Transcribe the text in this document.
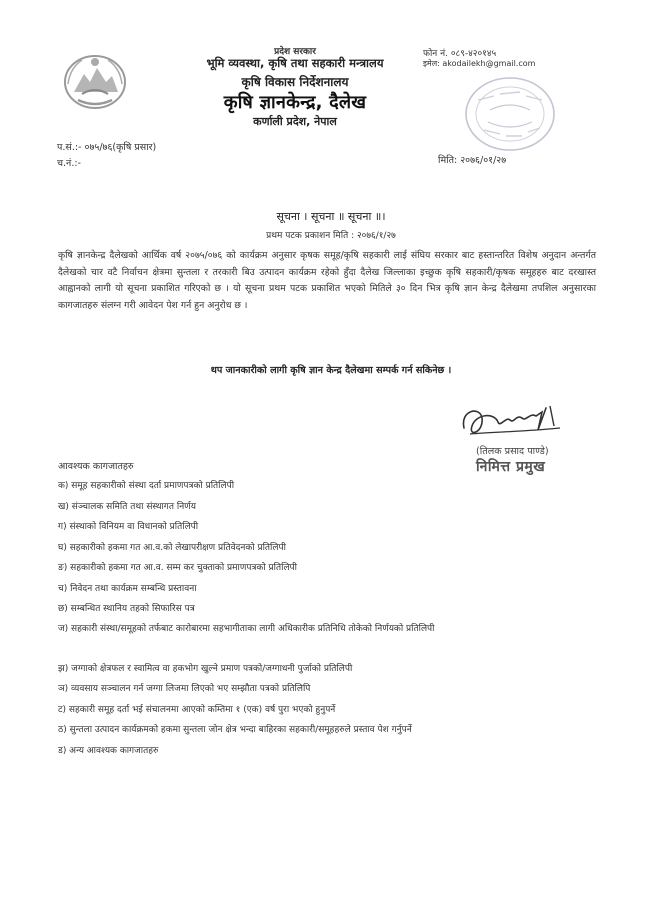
प्रदेश सरकार
भूमि व्यवस्था, कृषि तथा सहकारी मन्त्रालय
कृषि विकास निर्देशनालय
कृषि ज्ञानकेन्द्र, दैलेख
कर्णाली प्रदेश, नेपाल
फोन नं. ०८९-४२०१४५
इमेल: akodailekh@gmail.com
प.सं.:- ०७५/७६(कृषि प्रसार)
च.नं.:-	मिति: २०७६/०१/२७
सूचना । सूचना ॥ सूचना ॥।
प्रथम पटक प्रकाशन मिति : २०७६/१/२७

कृषि ज्ञानकेन्द्र दैलेखको आर्थिक वर्ष २०७५/०७६ को कार्यक्रम अनुसार कृषक समूह/कृषि सहकारी लाई संघिय सरकार बाट हस्तान्तरित विशेष अनुदान अन्तर्गत दैलेखको चार वटै निर्वाचन क्षेत्रमा सुन्तला र तरकारी बिउ उत्पादन कार्यक्रम रहेको हुँदा दैलेख जिल्लाका इच्छुक कृषि सहकारी/कृषक समूहहरु बाट दरखास्त आह्वानको लागी यो सूचना प्रकाशित गरिएको छ । यो सूचना प्रथम पटक प्रकाशित भएको मितिले ३० दिन भित्र कृषि ज्ञान केन्द्र दैलेखमा तपशिल अनुसारका कागजातहरु संलग्न गरी आवेदन पेश गर्न हुन अनुरोध छ ।

थप जानकारीको लागी कृषि ज्ञान केन्द्र दैलेखमा सम्पर्क गर्न सकिनेछ ।
(तिलक प्रसाद पाण्डे)
निमित्त प्रमुख
आवश्यक कागजातहरु
क) समूह सहकारीको संस्था दर्ता प्रमाणपत्रको प्रतिलिपी
ख) संञ्चालक समिति तथा संस्थागत निर्णय
ग) संस्थाको विनियम वा विधानको प्रतिलिपी
घ) सहकारीको हकमा गत आ.व.को लेखापरीक्षण प्रतिवेदनको प्रतिलिपी
ङ) सहकारीको हकमा गत आ.व. सम्म कर चुक्ताको प्रमाणपत्रको प्रतिलिपी
च) निवेदन तथा कार्यक्रम सम्बन्धि प्रस्तावना
छ) सम्बन्धित स्थानिय तहको सिफारिस पत्र
ज) सहकारी संस्था/समूहको तर्फबाट कारोबारमा सहभागीताका लागी अधिकारीक प्रतिनिधि तोकेको निर्णयको प्रतिलिपी
झ) जग्गाको क्षेत्रफल र स्वामित्व वा हकभोग खुल्ने प्रमाण पत्रको/जग्गाधनी पुर्जाको प्रतिलिपी
ञ) व्यवसाय सञ्चालन गर्न जग्गा लिजमा लिएको भए सम्झौता पत्रको प्रतिलिपि
ट) सहकारी समूह दर्ता भई संचालनमा आएको कम्तिमा १ (एक) वर्ष पुरा भएको हुनुपर्ने
ठ) सुन्तला उत्पादन कार्यक्रमको हकमा सुन्तला जोन क्षेत्र भन्दा बाहिरका सहकारी/समूहहरुले प्रस्ताव पेश गर्नुपर्ने
ड) अन्य आवश्यक कागजातहरु
